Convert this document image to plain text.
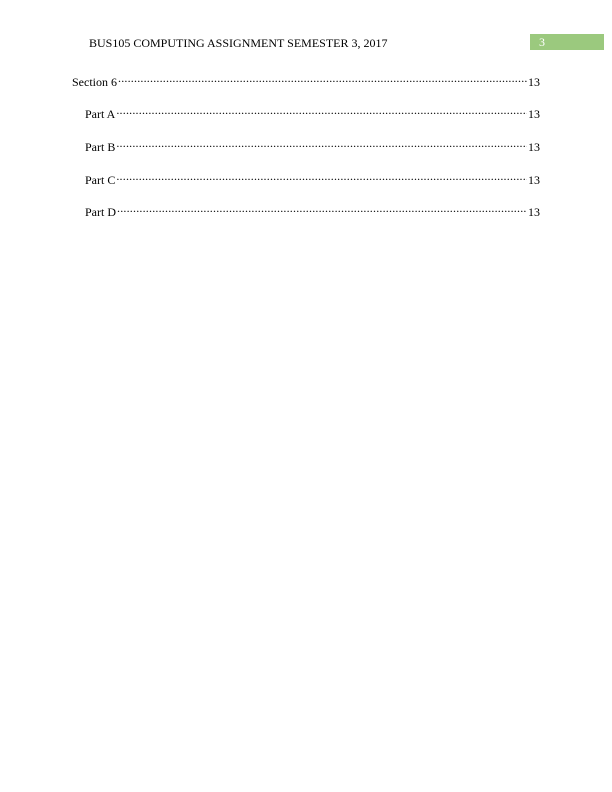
BUS105 COMPUTING ASSIGNMENT SEMESTER 3, 2017	3
Section 6 .....	13
Part A .....	13
Part B .....	13
Part C .....	13
Part D .....	13
